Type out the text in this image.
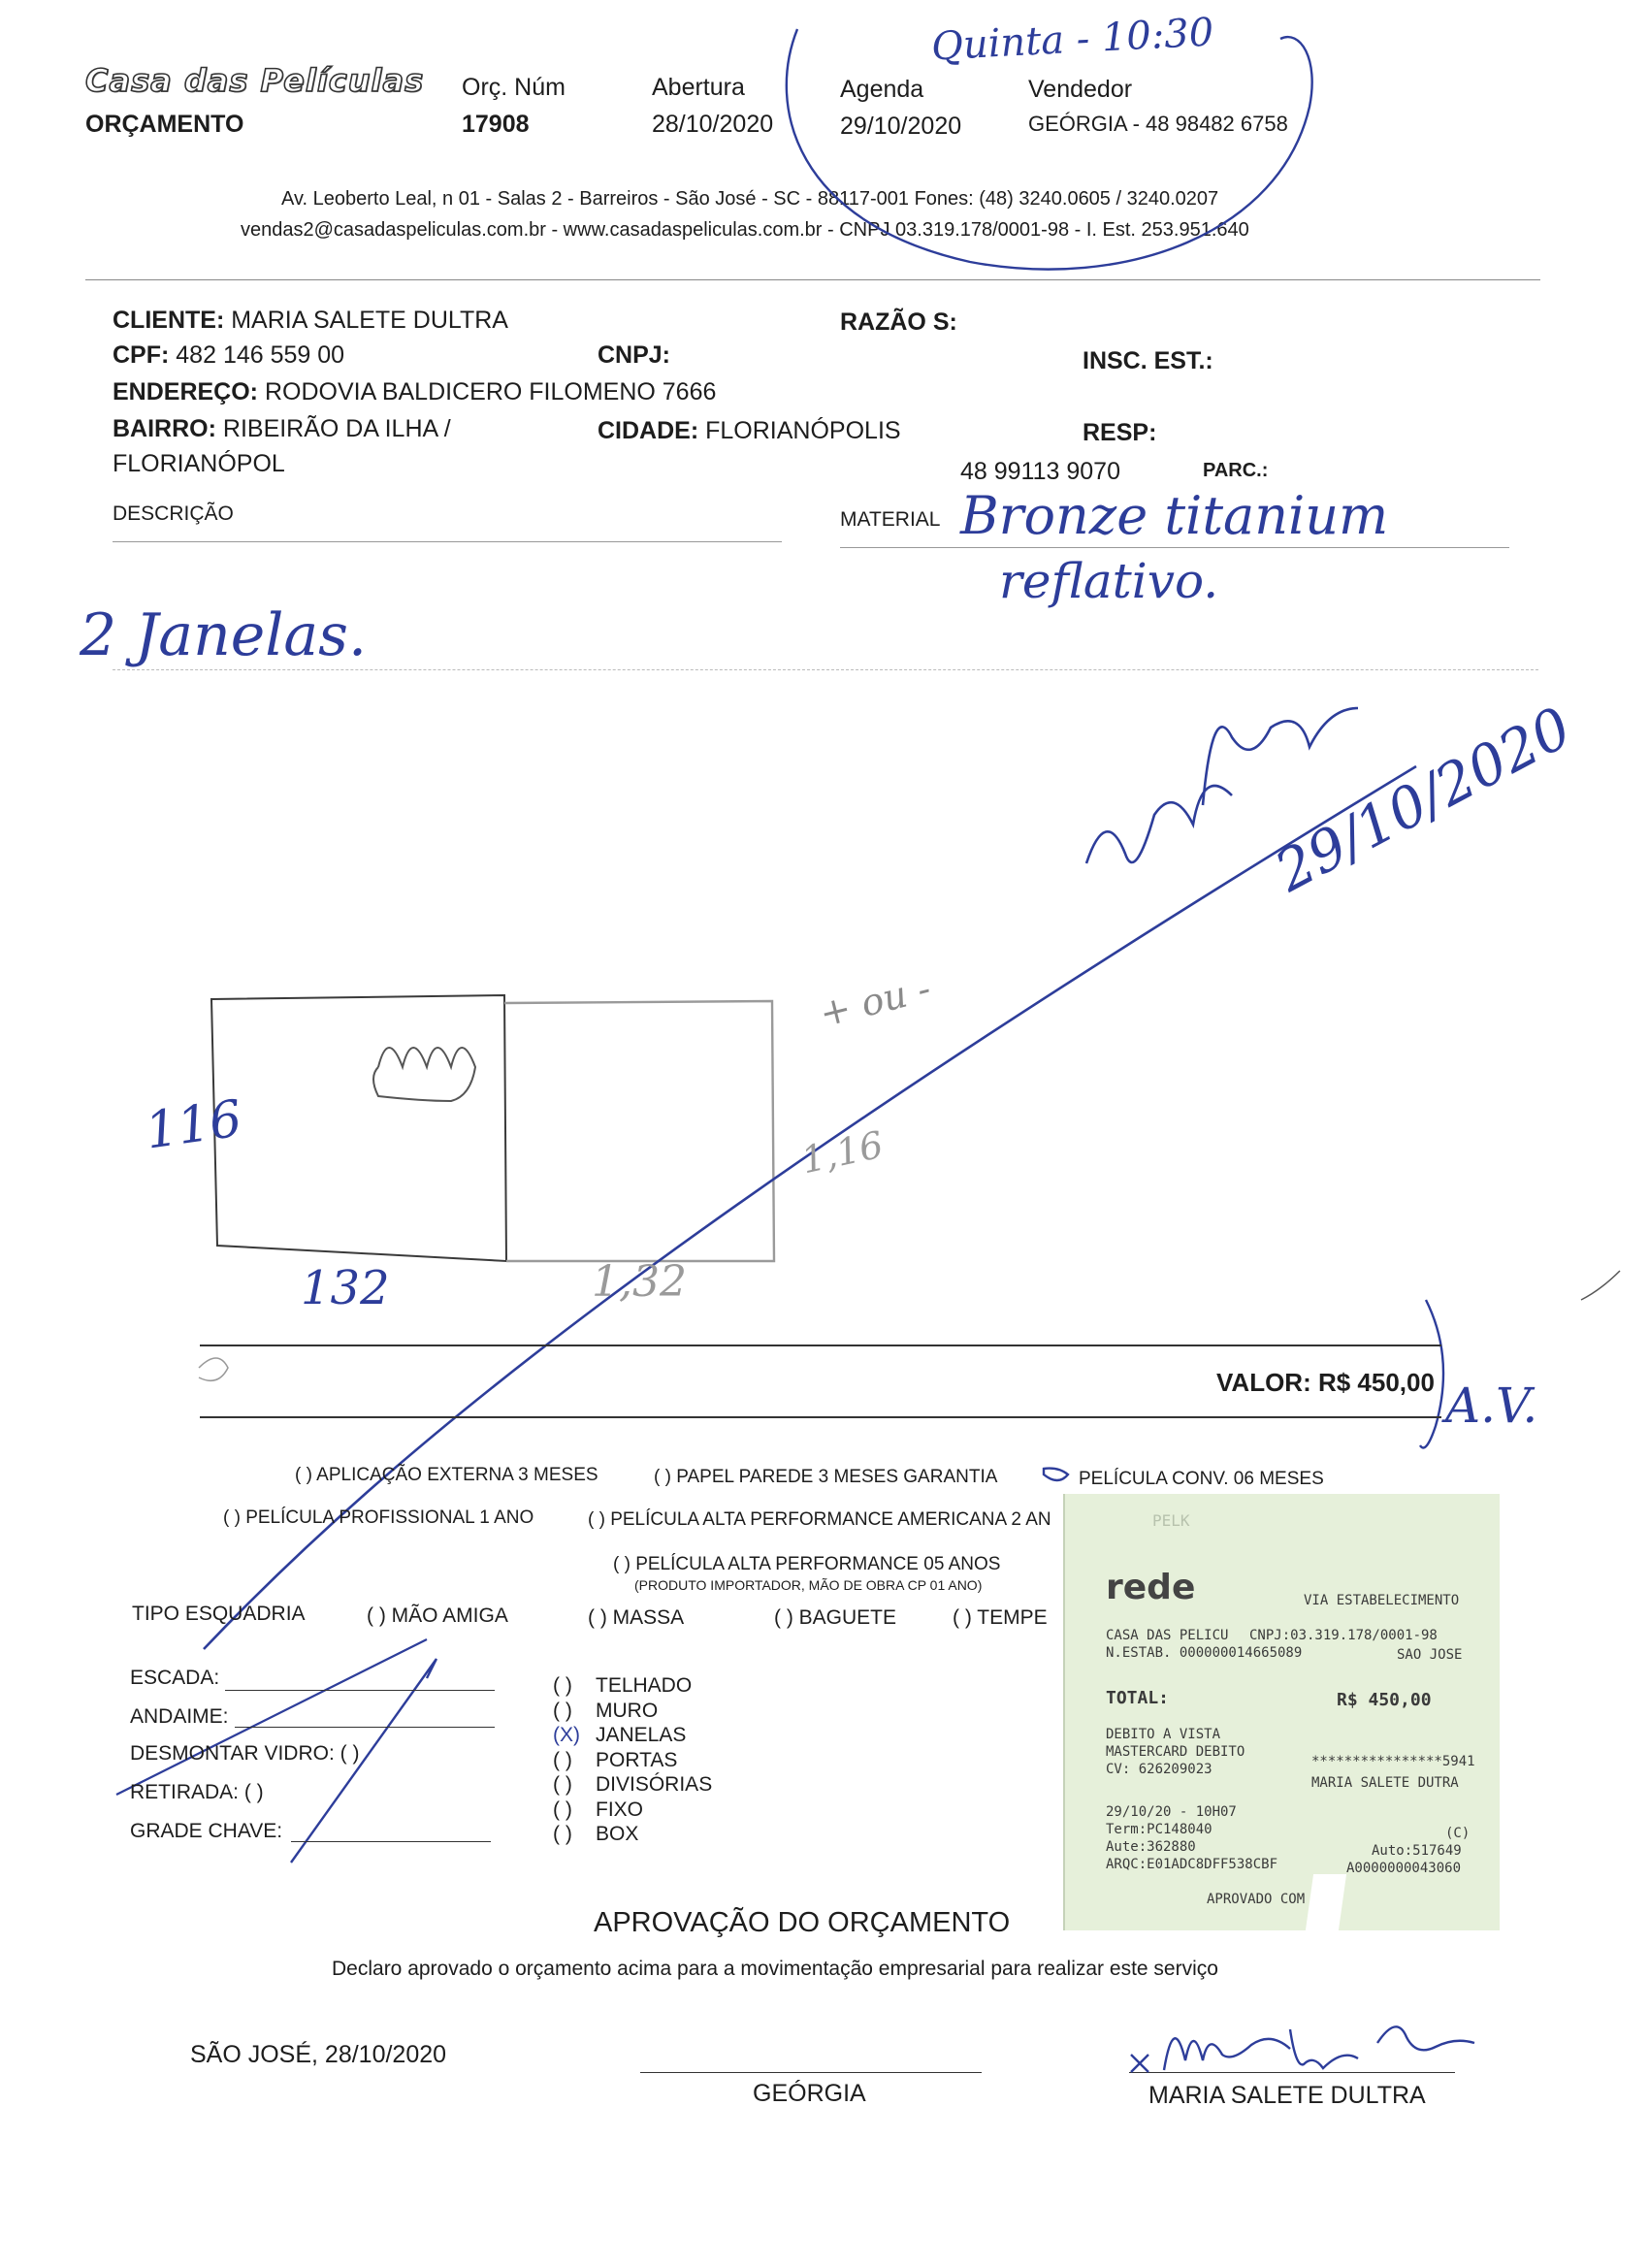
Casa das Películas
ORÇAMENTO
Orç. Núm
17908
Abertura
28/10/2020
Agenda
29/10/2020
Vendedor
GEÓRGIA - 48 98482 6758
Quinta - 10:30
Av. Leoberto Leal, n 01 - Salas 2 - Barreiros - São José - SC - 88117-001 Fones: (48) 3240.0605 / 3240.0207
vendas2@casadaspeliculas.com.br - www.casadaspeliculas.com.br - CNPJ 03.319.178/0001-98 - I. Est. 253.951.640
CLIENTE: MARIA SALETE DULTRA	RAZÃO S:
CPF: 482 146 559 00	CNPJ:	INSC. EST.:
ENDEREÇO: RODOVIA BALDICERO FILOMENO 7666
BAIRRO: RIBEIRÃO DA ILHA /	CIDADE: FLORIANÓPOLIS	RESP:
FLORIANÓPOL	48 99113 9070	PARC.:
DESCRIÇÃO	MATERIAL Bronze titanium
reflativo.
2 Janelas.
116
132	1,32
1,16
+ ou -
29/10/2020
A.V.
VALOR: R$ 450,00
( ) APLICAÇÃO EXTERNA 3 MESES	( ) PAPEL PAREDE 3 MESES GARANTIA	PELÍCULA CONV. 06 MESES
( ) PELÍCULA PROFISSIONAL 1 ANO	( ) PELÍCULA ALTA PERFORMANCE AMERICANA 2 AN
( ) PELÍCULA ALTA PERFORMANCE 05 ANOS
(PRODUTO IMPORTADOR, MÃO DE OBRA CP 01 ANO)
TIPO ESQUADRIA	( ) MÃO AMIGA	( ) MASSA	( ) BAGUETE	( ) TEMPE
ESCADA:
ANDAIME:
DESMONTAR VIDRO: ( )
RETIRADA: ( )
GRADE CHAVE:
( ) TELHADO
( ) MURO
(X) JANELAS
( ) PORTAS
( ) DIVISÓRIAS
( ) FIXO
( ) BOX
PELK
rede	VIA ESTABELECIMENTO
CASA DAS PELICU CNPJ:03.319.178/0001-98
N.ESTAB. 000000014665089	SAO JOSE
TOTAL:	R$ 450,00
DEBITO A VISTA
MASTERCARD DEBITO
****************5941
CV: 626209023
MARIA SALETE DUTRA
29/10/20 - 10H07
Term:PC148040
Aute:362880
(C)
Auto:517649
ARQC:E01ADC8DFF538CBF	A0000000043060
APROVADO COM
APROVAÇÃO DO ORÇAMENTO
Declaro aprovado o orçamento acima para a movimentação empresarial para realizar este serviço
SÃO JOSÉ, 28/10/2020
GEÓRGIA	MARIA SALETE DULTRA
